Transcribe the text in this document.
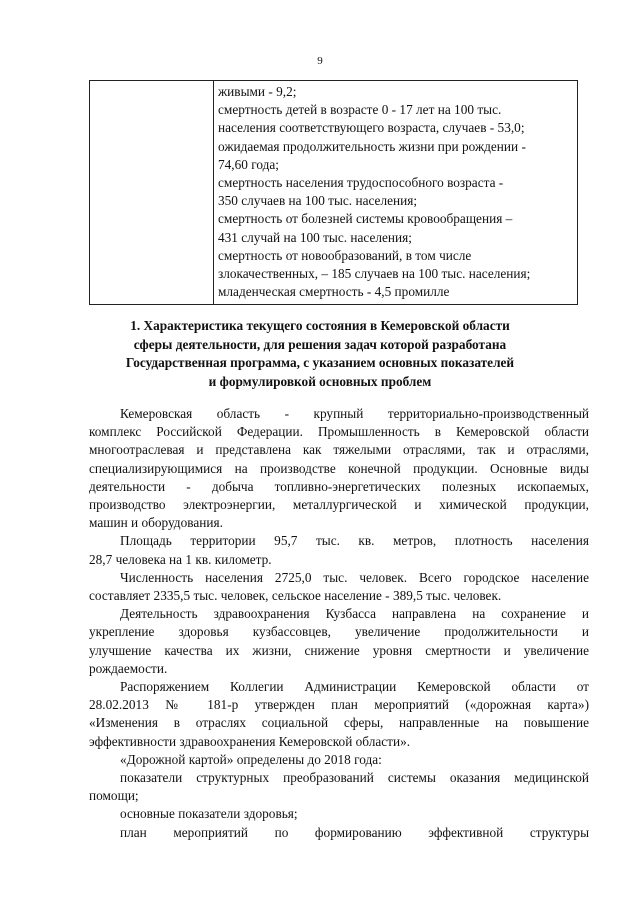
9

живыми - 9,2;
смертность детей в возрасте 0 - 17 лет на 100 тыс.
населения соответствующего возраста, случаев - 53,0;
ожидаемая продолжительность жизни при рождении -
74,60 года;
смертность населения трудоспособного возраста -
350 случаев на 100 тыс. населения;
смертность от болезней системы кровообращения –
431 случай на 100 тыс. населения;
смертность от новообразований, в том числе
злокачественных, – 185 случаев на 100 тыс. населения;
младенческая смертность - 4,5 промилле
1. Характеристика текущего состояния в Кемеровской области
сферы деятельности, для решения задач которой разработана
Государственная программа, с указанием основных показателей
и формулировкой основных проблем
Кемеровская область - крупный территориально-производственный
комплекс Российской Федерации. Промышленность в Кемеровской области
многоотраслевая и представлена как тяжелыми отраслями, так и отраслями,
специализирующимися на производстве конечной продукции. Основные виды
деятельности - добыча топливно-энергетических полезных ископаемых,
производство электроэнергии, металлургической и химической продукции,
машин и оборудования.
Площадь территории 95,7 тыс. кв. метров, плотность населения
28,7 человека на 1 кв. километр.
Численность населения 2725,0 тыс. человек. Всего городское население
составляет 2335,5 тыс. человек, сельское население - 389,5 тыс. человек.
Деятельность здравоохранения Кузбасса направлена на сохранение и
укрепление здоровья кузбассовцев, увеличение продолжительности и
улучшение качества их жизни, снижение уровня смертности и увеличение
рождаемости.
Распоряжением Коллегии Администрации Кемеровской области от
28.02.2013 № 181-р утвержден план мероприятий («дорожная карта»)
«Изменения в отраслях социальной сферы, направленные на повышение
эффективности здравоохранения Кемеровской области».
«Дорожной картой» определены до 2018 года:
показатели структурных преобразований системы оказания медицинской
помощи;
основные показатели здоровья;
план мероприятий по формированию эффективной структуры
